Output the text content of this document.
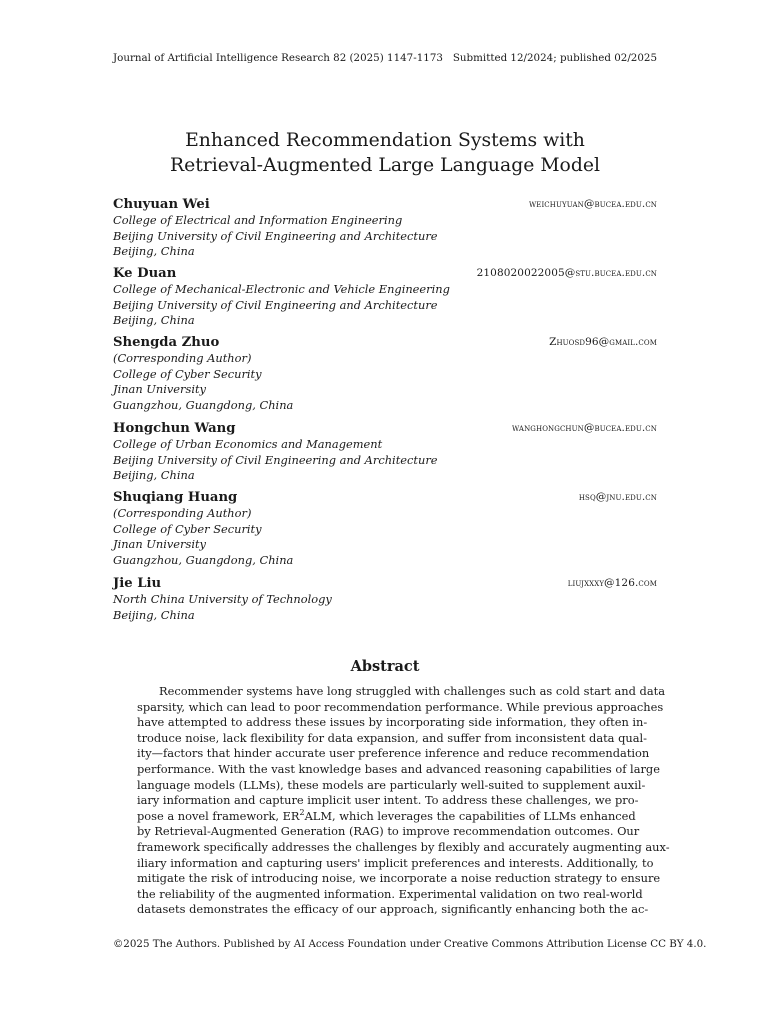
Journal of Artificial Intelligence Research 82 (2025) 1147-1173 Submitted 12/2024; published 02/2025
Enhanced Recommendation Systems with
Retrieval-Augmented Large Language Model
Chuyuan Wei	weichuyuan@bucea.edu.cn
College of Electrical and Information Engineering
Beijing University of Civil Engineering and Architecture
Beijing, China
Ke Duan	2108020022005@stu.bucea.edu.cn
College of Mechanical-Electronic and Vehicle Engineering
Beijing University of Civil Engineering and Architecture
Beijing, China
Shengda Zhuo	Zhuosd96@gmail.com
(Corresponding Author)
College of Cyber Security
Jinan University
Guangzhou, Guangdong, China
Hongchun Wang	wanghongchun@bucea.edu.cn
College of Urban Economics and Management
Beijing University of Civil Engineering and Architecture
Beijing, China
Shuqiang Huang	hsq@jnu.edu.cn
(Corresponding Author)
College of Cyber Security
Jinan University
Guangzhou, Guangdong, China
Jie Liu	liujxxxy@126.com
North China University of Technology
Beijing, China
Abstract
Recommender systems have long struggled with challenges such as cold start and data
sparsity, which can lead to poor recommendation performance. While previous approaches
have attempted to address these issues by incorporating side information, they often in-
troduce noise, lack flexibility for data expansion, and suffer from inconsistent data qual-
ity—factors that hinder accurate user preference inference and reduce recommendation
performance. With the vast knowledge bases and advanced reasoning capabilities of large
language models (LLMs), these models are particularly well-suited to supplement auxil-
iary information and capture implicit user intent. To address these challenges, we pro-
pose a novel framework, $ER^2ALM$, which leverages the capabilities of LLMs enhanced
by Retrieval-Augmented Generation (RAG) to improve recommendation outcomes. Our
framework specifically addresses the challenges by flexibly and accurately augmenting aux-
iliary information and capturing users' implicit preferences and interests. Additionally, to
mitigate the risk of introducing noise, we incorporate a noise reduction strategy to ensure
the reliability of the augmented information. Experimental validation on two real-world
datasets demonstrates the efficacy of our approach, significantly enhancing both the ac-
©2025 The Authors. Published by AI Access Foundation under Creative Commons Attribution License CC BY 4.0.
